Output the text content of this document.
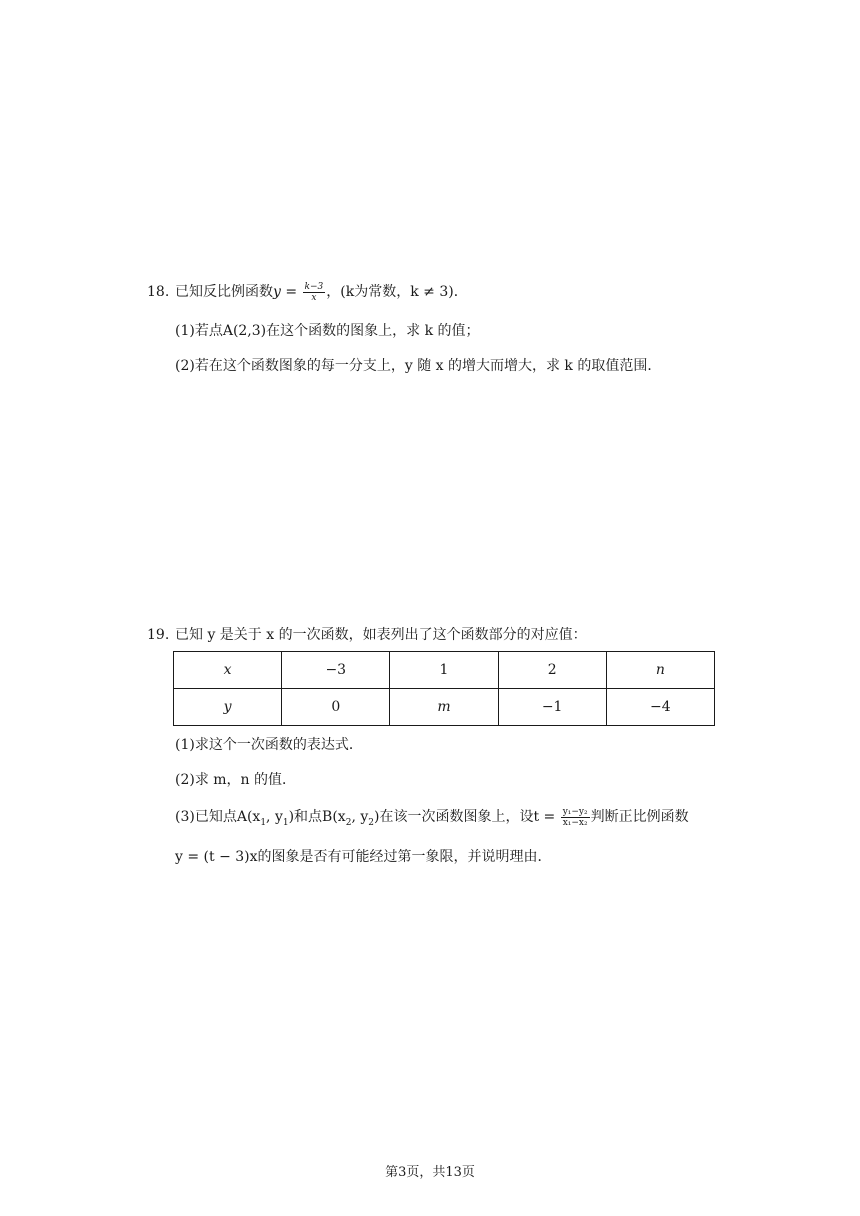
18. 已知反比例函数$y = \frac{k-3}{x}$ ，(k为常数，k ≠ 3)．
(1)若点A(2,3)在这个函数的图象上，求 k 的值；
(2)若在这个函数图象的每一分支上，y 随 x 的增大而增大，求 k 的取值范围．
19. 已知 y 是关于 x 的一次函数，如表列出了这个函数部分的对应值：
x	−3	1	2	n
y	0	m	−1	−4
(1)求这个一次函数的表达式．
(2)求 m，n 的值．
(3)已知点$A(x_1$, $y_1$)和点$B(x_2$, $y_2$)在该一次函数图象上，设$t = \frac{\text{y₁−y₂}}{\text{x₁−x₂}}$ 判断正比例函数
y = (t − 3)x的图象是否有可能经过第一象限，并说明理由．
第3页，共13页
